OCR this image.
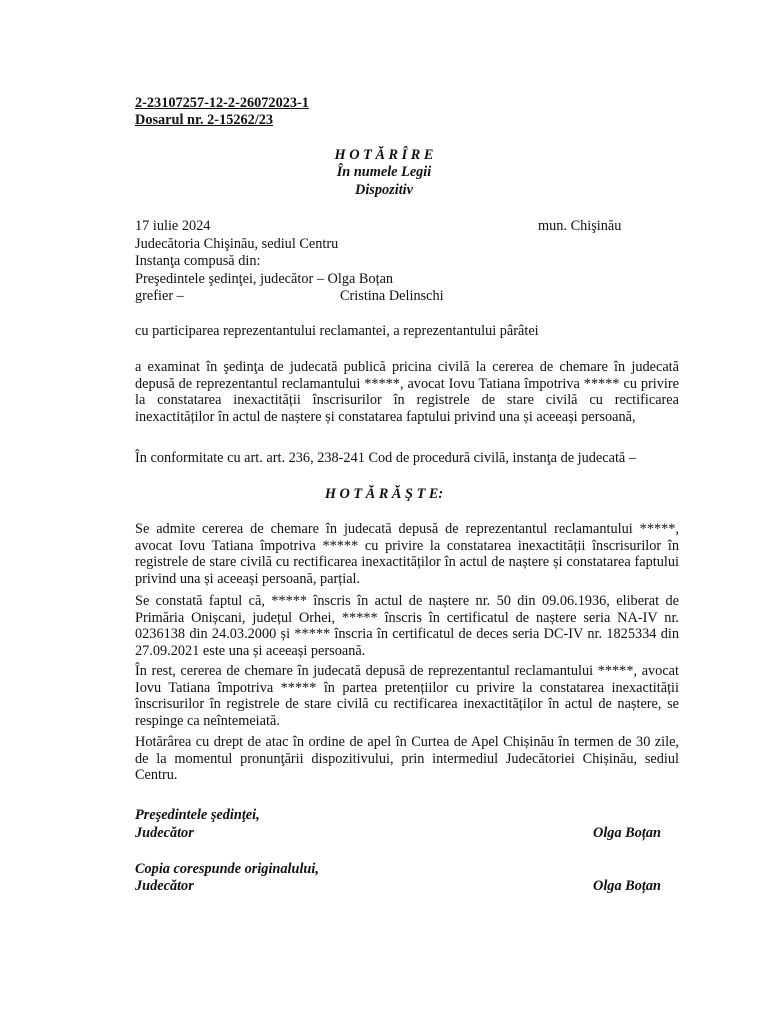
2-23107257-12-2-26072023-1
Dosarul nr. 2-15262/23
H O T Ă R Î R E
În numele Legii
Dispozitiv
17 iulie 2024	mun. Chişinău
Judecătoria Chişinău, sediul Centru
Instanţa compusă din:
Preşedintele şedinţei, judecător – Olga Boțan
grefier –	Cristina Delinschi
cu participarea reprezentantului reclamantei, a reprezentantului pârâtei
a examinat în şedinţa de judecată publică pricina civilă la cererea de chemare în judecată depusă de reprezentantul reclamantului *****, avocat Iovu Tatiana împotriva ***** cu privire la constatarea inexactității înscrisurilor în registrele de stare civilă cu rectificarea inexactităților în actul de naștere și constatarea faptului privind una și aceeași persoană,
În conformitate cu art. art. 236, 238-241 Cod de procedură civilă, instanţa de judecată –
H O T Ă R Ă Ş T E:
Se admite cererea de chemare în judecată depusă de reprezentantul reclamantului *****, avocat Iovu Tatiana împotriva ***** cu privire la constatarea inexactității înscrisurilor în registrele de stare civilă cu rectificarea inexactităților în actul de naștere și constatarea faptului privind una și aceeași persoană, parțial.
Se constată faptul că, ***** înscris în actul de naștere nr. 50 din 09.06.1936, eliberat de Primăria Onișcani, județul Orhei, ***** înscris în certificatul de naștere seria NA-IV nr. 0236138 din 24.03.2000 și ***** înscria în certificatul de deces seria DC-IV nr. 1825334 din 27.09.2021 este una și aceeași persoană.
În rest, cererea de chemare în judecată depusă de reprezentantul reclamantului *****, avocat Iovu Tatiana împotriva ***** în partea pretențiilor cu privire la constatarea inexactității înscrisurilor în registrele de stare civilă cu rectificarea inexactităților în actul de naștere, se respinge ca neîntemeiată.
Hotărârea cu drept de atac în ordine de apel în Curtea de Apel Chișinău în termen de 30 zile, de la momentul pronunţării dispozitivului, prin intermediul Judecătoriei Chișinău, sediul Centru.
Preşedintele şedinţei,
Judecător	Olga Boțan
Copia corespunde originalului,
Judecător	Olga Boțan
